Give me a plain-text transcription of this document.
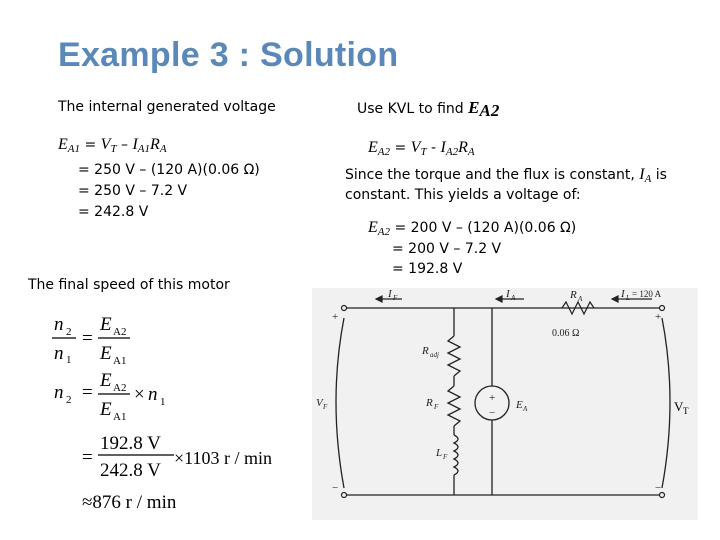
Example 3 : Solution
The internal generated voltage
$E_{A1} = V_T - I_{A1}R_A$
= 250 V – (120 A)(0.06 Ω)
= 250 V – 7.2 V
= 242.8 V
The final speed of this motor
Use KVL to find EA2
$E_{A2} = V_T - I_{A2}R_A$
Since the torque and the flux is constant, $I_A$ is
constant. This yields a voltage of:
$E_{A2} = 200$ V – (120 A)(0.06 Ω)
= 200 V – 7.2 V
= 192.8 V
n 2
n 1
=
E A2
E A1
n 2 =
E A2
E A1
× n 1
=
192.8 V
242.8 V
×1103 r / min
≈876 r / min
I F	I A	R A	I L = 120 A
0.06 Ω
R adj
R F
L F
E A
V F	V T
+
−
+
−
+
−
